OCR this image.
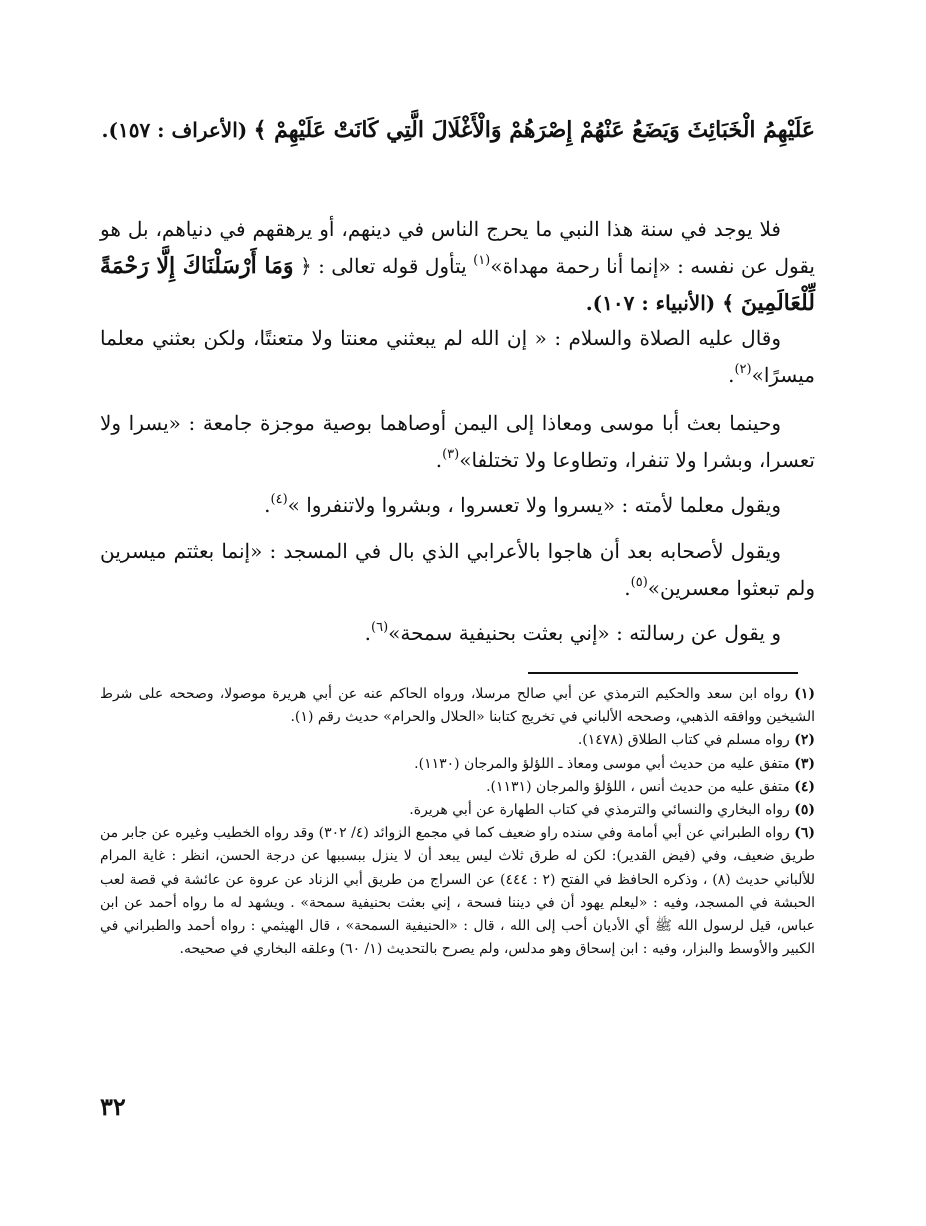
عَلَيْهِمُ الْخَبَائِثَ وَيَضَعُ عَنْهُمْ إِصْرَهُمْ وَالْأَغْلَالَ الَّتِي كَانَتْ عَلَيْهِمْ ﴾ (الأعراف : ١٥٧).

فلا يوجد في سنة هذا النبي ما يحرج الناس في دينهم، أو يرهقهم في دنياهم، بل هو يقول عن نفسه : «إنما أنا رحمة مهداة»$^{(١)}$ يتأول قوله تعالى : ﴿ وَمَا أَرْسَلْنَاكَ إِلَّا رَحْمَةً لِّلْعَالَمِينَ ﴾ (الأنبياء : ١٠٧).

وقال عليه الصلاة والسلام : « إن الله لم يبعثني معنتا ولا متعنتًا، ولكن بعثني معلما ميسرًا»$^{(٢)}$.

وحينما بعث أبا موسى ومعاذا إلى اليمن أوصاهما بوصية موجزة جامعة : «يسرا ولا تعسرا، وبشرا ولا تنفرا، وتطاوعا ولا تختلفا»$^{(٣)}$.

ويقول معلما لأمته : «يسروا ولا تعسروا ، وبشروا ولاتنفروا »$^{(٤)}$.

ويقول لأصحابه بعد أن هاجوا بالأعرابي الذي بال في المسجد : «إنما بعثتم ميسرين ولم تبعثوا معسرين»$^{(٥)}$.

و يقول عن رسالته : «إني بعثت بحنيفية سمحة»$^{(٦)}$.

(١) رواه ابن سعد والحكيم الترمذي عن أبي صالح مرسلا، ورواه الحاكم عنه عن أبي هريرة موصولا، وصححه على شرط الشيخين ووافقه الذهبي، وصححه الألباني في تخريج كتابنا «الحلال والحرام» حديث رقم (١).

(٢) رواه مسلم في كتاب الطلاق (١٤٧٨).

(٣) متفق عليه من حديث أبي موسى ومعاذ ـ اللؤلؤ والمرجان (١١٣٠).

(٤) متفق عليه من حديث أنس ، اللؤلؤ والمرجان (١١٣١).

(٥) رواه البخاري والنسائي والترمذي في كتاب الطهارة عن أبي هريرة.

(٦) رواه الطبراني عن أبي أمامة وفي سنده راو ضعيف كما في مجمع الزوائد (٤/ ٣٠٢) وقد رواه الخطيب وغيره عن جابر من طريق ضعيف، وفي (فيض القدير): لكن له طرق ثلاث ليس يبعد أن لا ينزل ببسببها عن درجة الحسن، انظر : غاية المرام للألباني حديث (٨) ، وذكره الحافظ في الفتح (٢ : ٤٤٤) عن السراج من طريق أبي الزناد عن عروة عن عائشة في قصة لعب الحبشة في المسجد، وفيه : «ليعلم يهود أن في ديننا فسحة ، إني بعثت بحنيفية سمحة» . ويشهد له ما رواه أحمد عن ابن عباس، قيل لرسول الله ﷺ أي الأديان أحب إلى الله ، قال : «الحنيفية السمحة» ، قال الهيثمي : رواه أحمد والطبراني في الكبير والأوسط والبزار، وفيه : ابن إسحاق وهو مدلس، ولم يصرح بالتحديث (١/ ٦٠) وعلقه البخاري في صحيحه.

٣٢
